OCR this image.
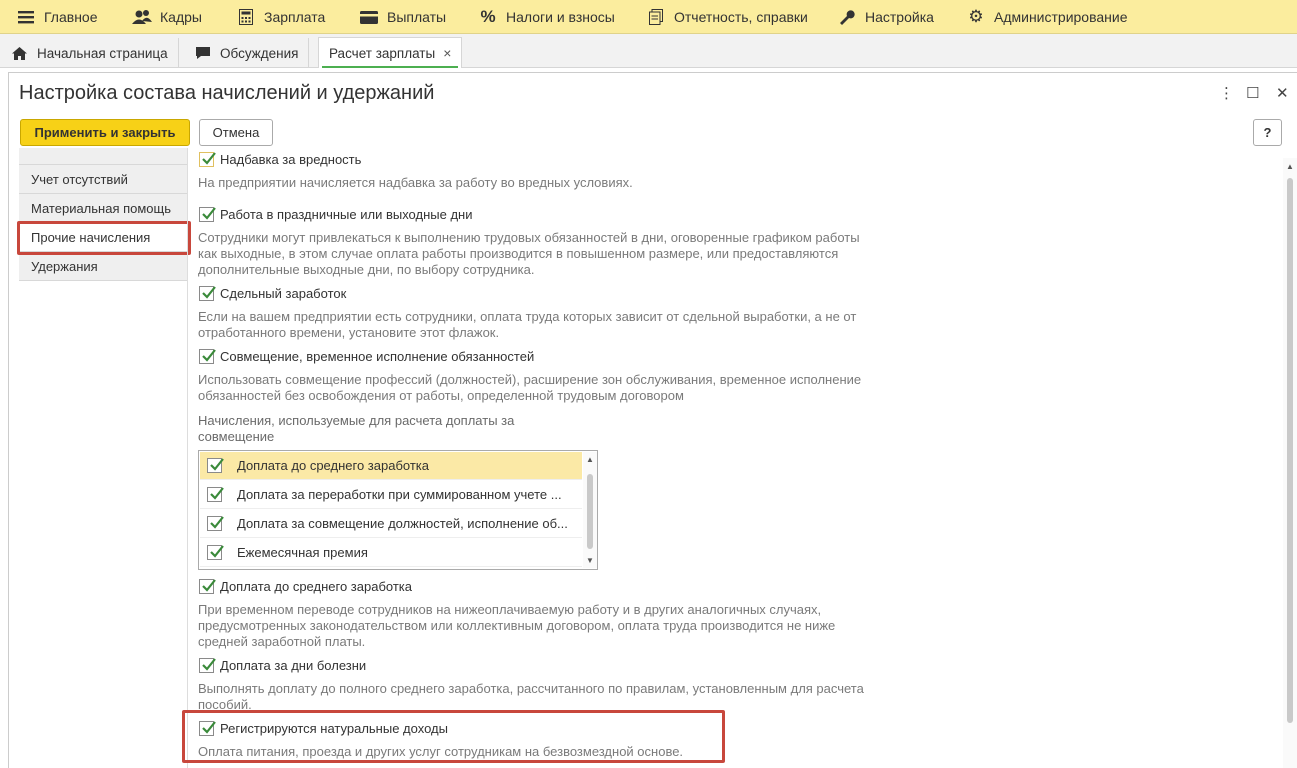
Главное	Кадры	Зарплата	Выплаты % Налоги и взносы	Отчетность, справки	Настройка ⚙ Администрирование
Начальная страница	Обсуждения Расчет зарплаты ×
Настройка состава начислений и удержаний	⋮ ☐ ✕
Применить и закрыть	Отмена	?
Учет отсутствий
Материальная помощь
Прочие начисления
Удержания
Надбавка за вредность
На предприятии начисляется надбавка за работу во вредных условиях.
Работа в праздничные или выходные дни
Сотрудники могут привлекаться к выполнению трудовых обязанностей в дни, оговоренные графиком работы
как выходные, в этом случае оплата работы производится в повышенном размере, или предоставляются
дополнительные выходные дни, по выбору сотрудника.
Сдельный заработок
Если на вашем предприятии есть сотрудники, оплата труда которых зависит от сдельной выработки, а не от
отработанного времени, установите этот флажок.
Совмещение, временное исполнение обязанностей
Использовать совмещение профессий (должностей), расширение зон обслуживания, временное исполнение
обязанностей без освобождения от работы, определенной трудовым договором
Начисления, используемые для расчета доплаты за
совмещение
Доплата до среднего заработка
Доплата за переработки при суммированном учете ...
Доплата за совмещение должностей, исполнение об...
Ежемесячная премия
▲
▼
Доплата до среднего заработка
При временном переводе сотрудников на нижеоплачиваемую работу и в других аналогичных случаях,
предусмотренных законодательством или коллективным договором, оплата труда производится не ниже
средней заработной платы.
Доплата за дни болезни
Выполнять доплату до полного среднего заработка, рассчитанного по правилам, установленным для расчета
пособий.
Регистрируются натуральные доходы
Оплата питания, проезда и других услуг сотрудникам на безвозмездной основе.
▲
